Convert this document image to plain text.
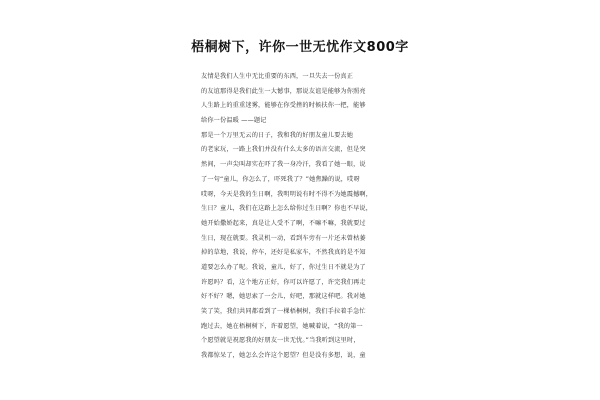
梧桐树下，许你一世无忧作文800字
友情是我们人生中无比重要的东西，一旦失去一份真正
的友谊那得是我们此生一大憾事，那说友谊是能够为你照亮
人生路上的重重迷雾，能够在你受挫的时候扶你一把，能够
给你一份温暖 ——题记
那是一个万里无云的日子，我和我的好朋友童儿要去她
的老家玩，一路上我们并没有什么太多的语言交流，但是突
然间，一声尖叫却实在吓了我一身冷汗，我看了她一眼，说
了一句“童儿，你怎么了，吓死我了？”她焦躁的说，哎呀
哎呀，今天是我的生日啊，我明明说有时不得不为她震撼啊，
生日？童儿，我们在这路上怎么给你过生日啊？你也不早说，
她开始撒娇起来，真是让人受不了啊，不嘛不嘛，我就要过
生日，现在就要。我灵机一动，看到车旁有一片还未曾枯萎
掉的草地，我说，停车，还好是私家车，不然我真的是不知
道要怎么办了呢。我说，童儿，好了，你过生日不就是为了
许愿吗？看，这个地方正好，你可以许愿了，许完我们再走
好不好？嗯，她思索了一会儿，好吧，那就这样吧。我对她
笑了笑，我们共同都看到了一棵梧桐树，我们手拉着手急忙
跑过去，她在梧桐树下，许着愿望，她喊着说，“我的第一
个愿望就是祝愿我的好朋友一世无忧。”当我听到这里时，
我都惊呆了，她怎么会许这个愿望？但是没有多想，说，童
